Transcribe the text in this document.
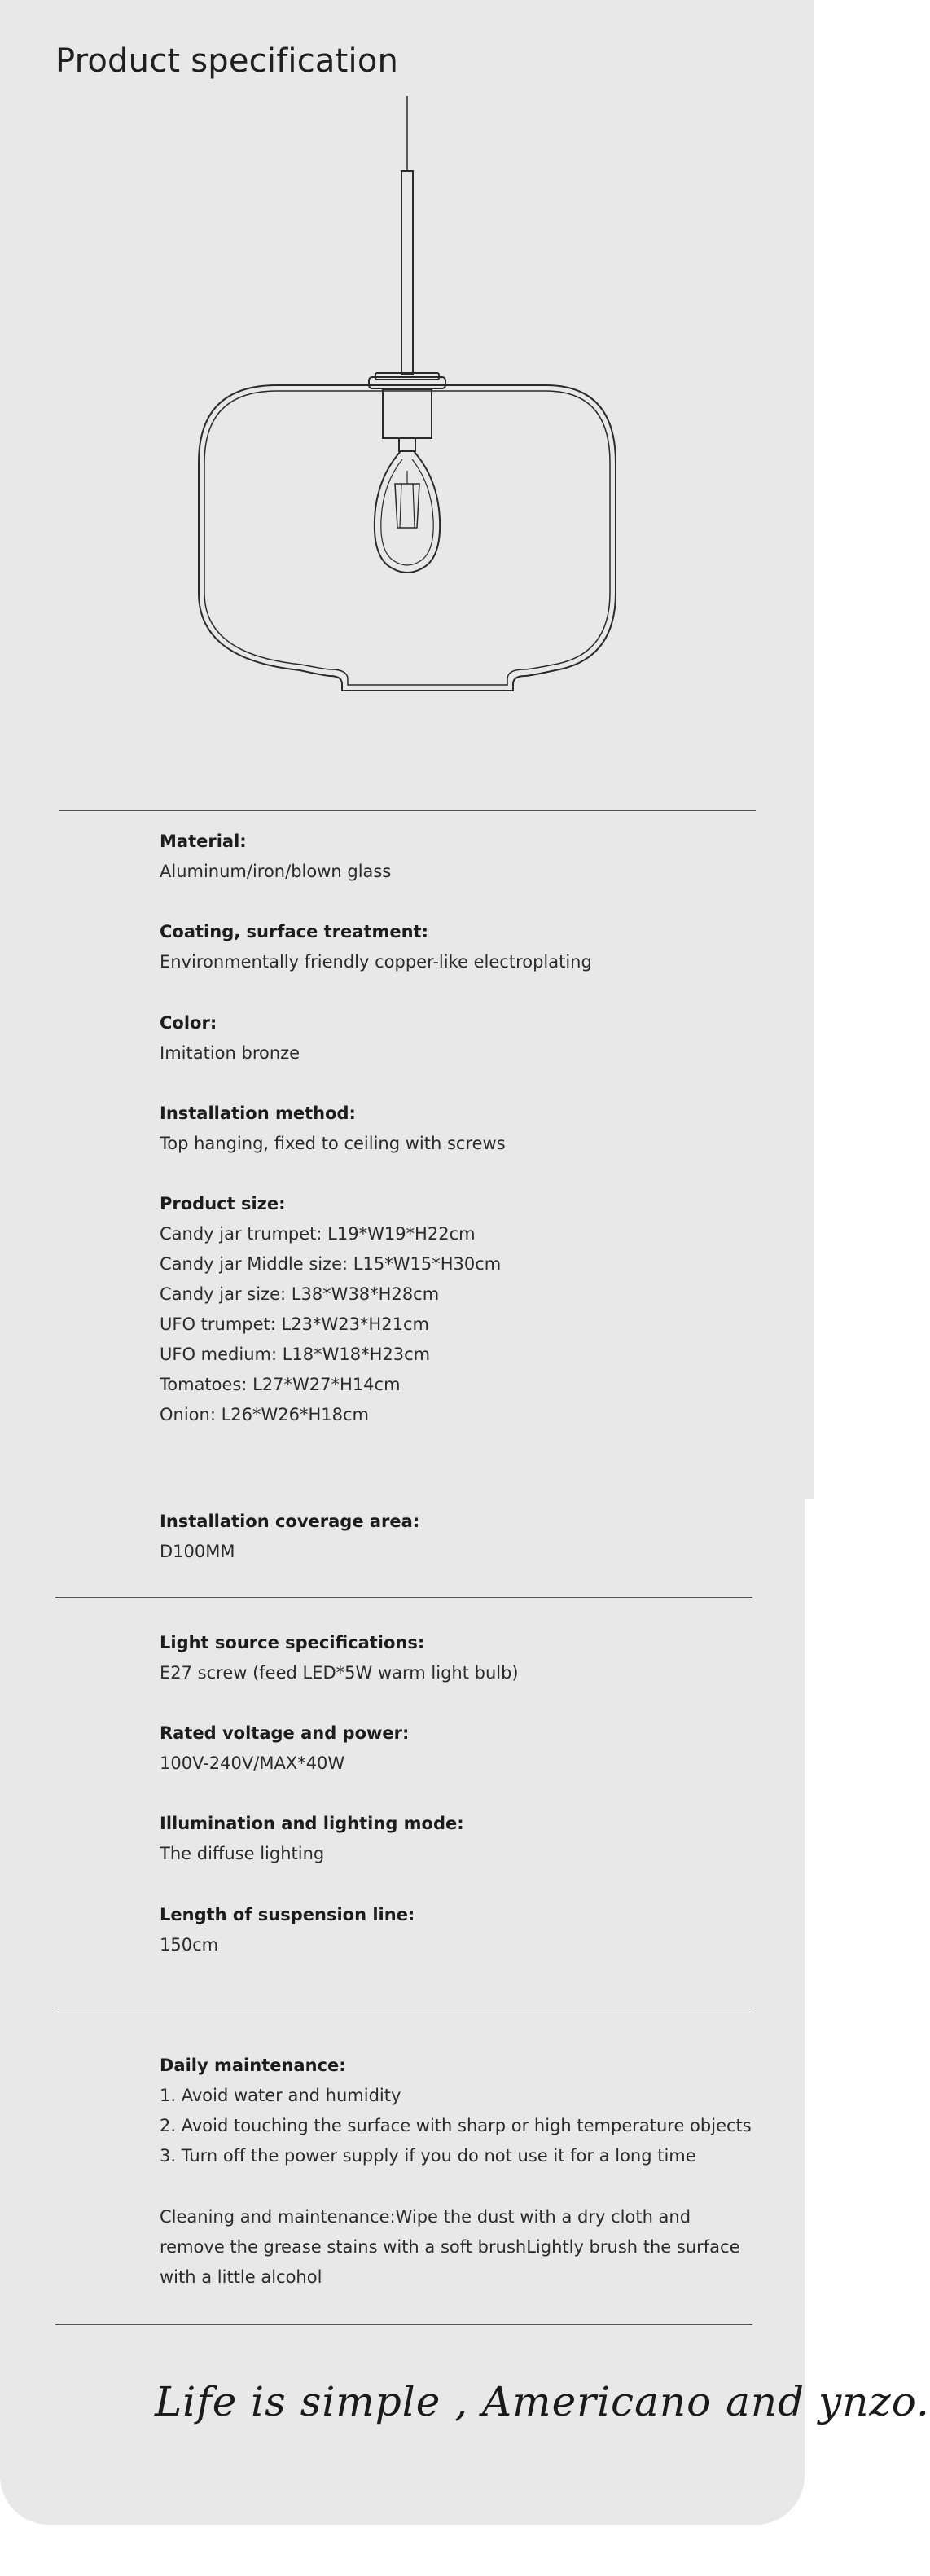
Product specification
Material:
Aluminum/iron/blown glass
Coating, surface treatment:
Environmentally friendly copper-like electroplating
Color:
Imitation bronze
Installation method:
Top hanging, fixed to ceiling with screws
Product size:
Candy jar trumpet: L19*W19*H22cm
Candy jar Middle size: L15*W15*H30cm
Candy jar size: L38*W38*H28cm
UFO trumpet: L23*W23*H21cm
UFO medium: L18*W18*H23cm
Tomatoes: L27*W27*H14cm
Onion: L26*W26*H18cm
Installation coverage area:
D100MM
Light source specifications:
E27 screw (feed LED*5W warm light bulb)
Rated voltage and power:
100V-240V/MAX*40W
Illumination and lighting mode:
The diffuse lighting
Length of suspension line:
150cm
Daily maintenance:
1. Avoid water and humidity
2. Avoid touching the surface with sharp or high temperature objects
3. Turn off the power supply if you do not use it for a long time
Cleaning and maintenance:Wipe the dust with a dry cloth and remove the grease stains with a soft brushLightly brush the surface with a little alcohol
Life is simple , Americano and ynzo.
